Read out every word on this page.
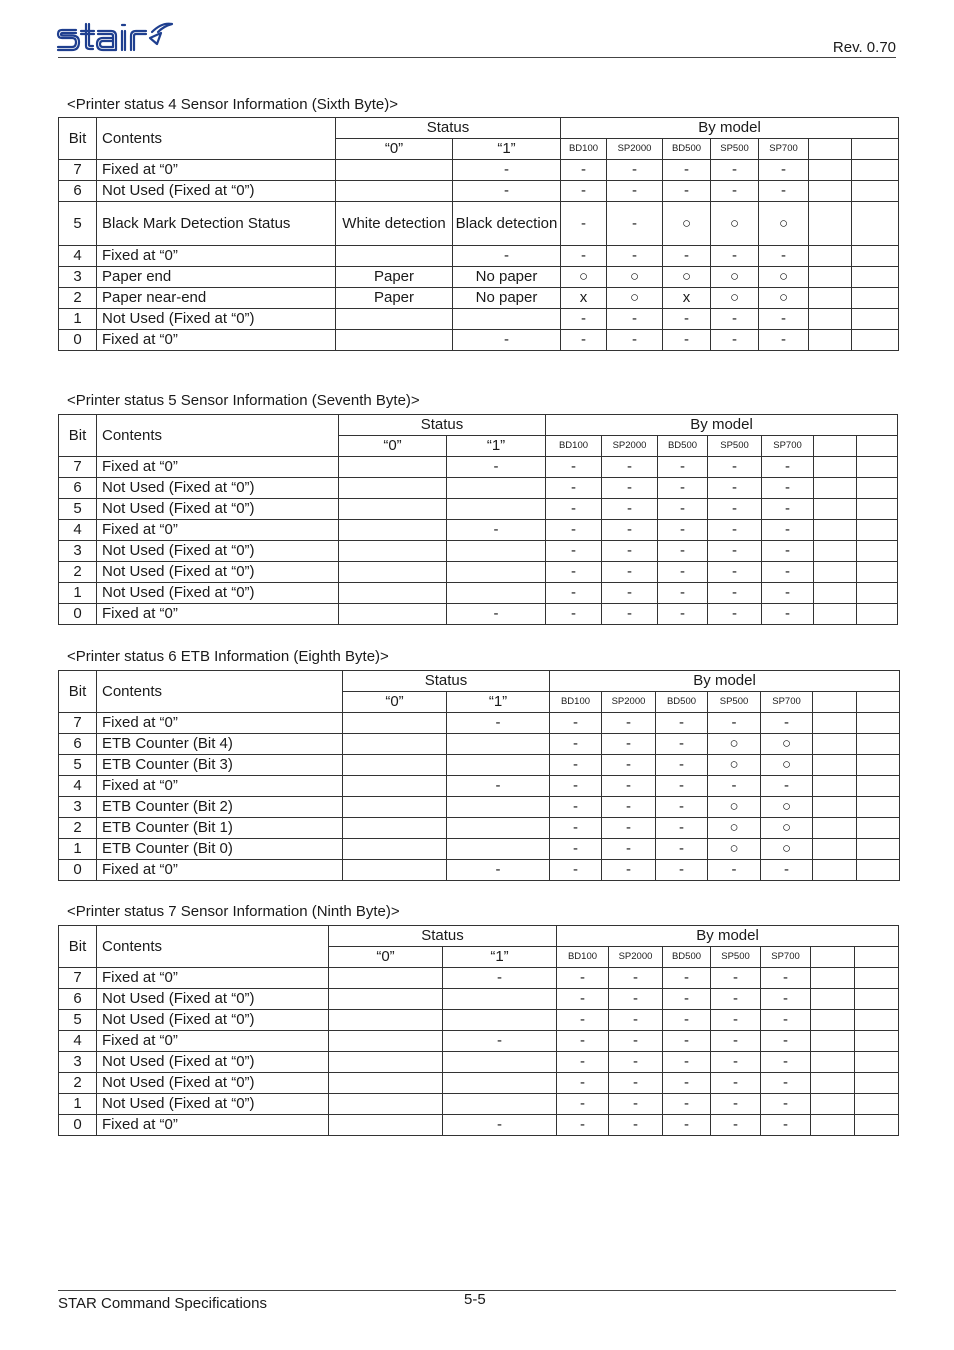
Rev. 0.70
<Printer status 4 Sensor Information (Sixth Byte)>
Bit	Contents	Status		By model						
		“0”	“1”	BD100	SP2000	BD500	SP500	SP700		
7	Fixed at “0”		-	-	-	-	-	-		
6	Not Used (Fixed at “0”)		-	-	-	-	-	-		
5	Black Mark Detection Status	White detection	Black detection	-	-	○	○	○		
4	Fixed at “0”		-	-	-	-	-	-		
3	Paper end	Paper	No paper	○	○	○	○	○		
2	Paper near-end	Paper	No paper	x	○	x	○	○		
1	Not Used (Fixed at “0”)			-	-	-	-	-		
0	Fixed at “0”		-	-	-	-	-	-		
<Printer status 5 Sensor Information (Seventh Byte)>
Bit	Contents	Status		By model						
		“0”	“1”	BD100	SP2000	BD500	SP500	SP700		
7	Fixed at “0”		-	-	-	-	-	-		
6	Not Used (Fixed at “0”)			-	-	-	-	-		
5	Not Used (Fixed at “0”)			-	-	-	-	-		
4	Fixed at “0”		-	-	-	-	-	-		
3	Not Used (Fixed at “0”)			-	-	-	-	-		
2	Not Used (Fixed at “0”)			-	-	-	-	-		
1	Not Used (Fixed at “0”)			-	-	-	-	-		
0	Fixed at “0”		-	-	-	-	-	-		
<Printer status 6 ETB Information (Eighth Byte)>
Bit	Contents	Status		By model						
		“0”	“1”	BD100	SP2000	BD500	SP500	SP700		
7	Fixed at “0”		-	-	-	-	-	-		
6	ETB Counter (Bit 4)			-	-	-	○	○		
5	ETB Counter (Bit 3)			-	-	-	○	○		
4	Fixed at “0”		-	-	-	-	-	-		
3	ETB Counter (Bit 2)			-	-	-	○	○		
2	ETB Counter (Bit 1)			-	-	-	○	○		
1	ETB Counter (Bit 0)			-	-	-	○	○		
0	Fixed at “0”		-	-	-	-	-	-		
<Printer status 7 Sensor Information (Ninth Byte)>
Bit	Contents	Status		By model						
		“0”	“1”	BD100	SP2000	BD500	SP500	SP700		
7	Fixed at “0”		-	-	-	-	-	-		
6	Not Used (Fixed at “0”)			-	-	-	-	-		
5	Not Used (Fixed at “0”)			-	-	-	-	-		
4	Fixed at “0”		-	-	-	-	-	-		
3	Not Used (Fixed at “0”)			-	-	-	-	-		
2	Not Used (Fixed at “0”)			-	-	-	-	-		
1	Not Used (Fixed at “0”)			-	-	-	-	-		
0	Fixed at “0”		-	-	-	-	-	-		
STAR Command Specifications	5-5
